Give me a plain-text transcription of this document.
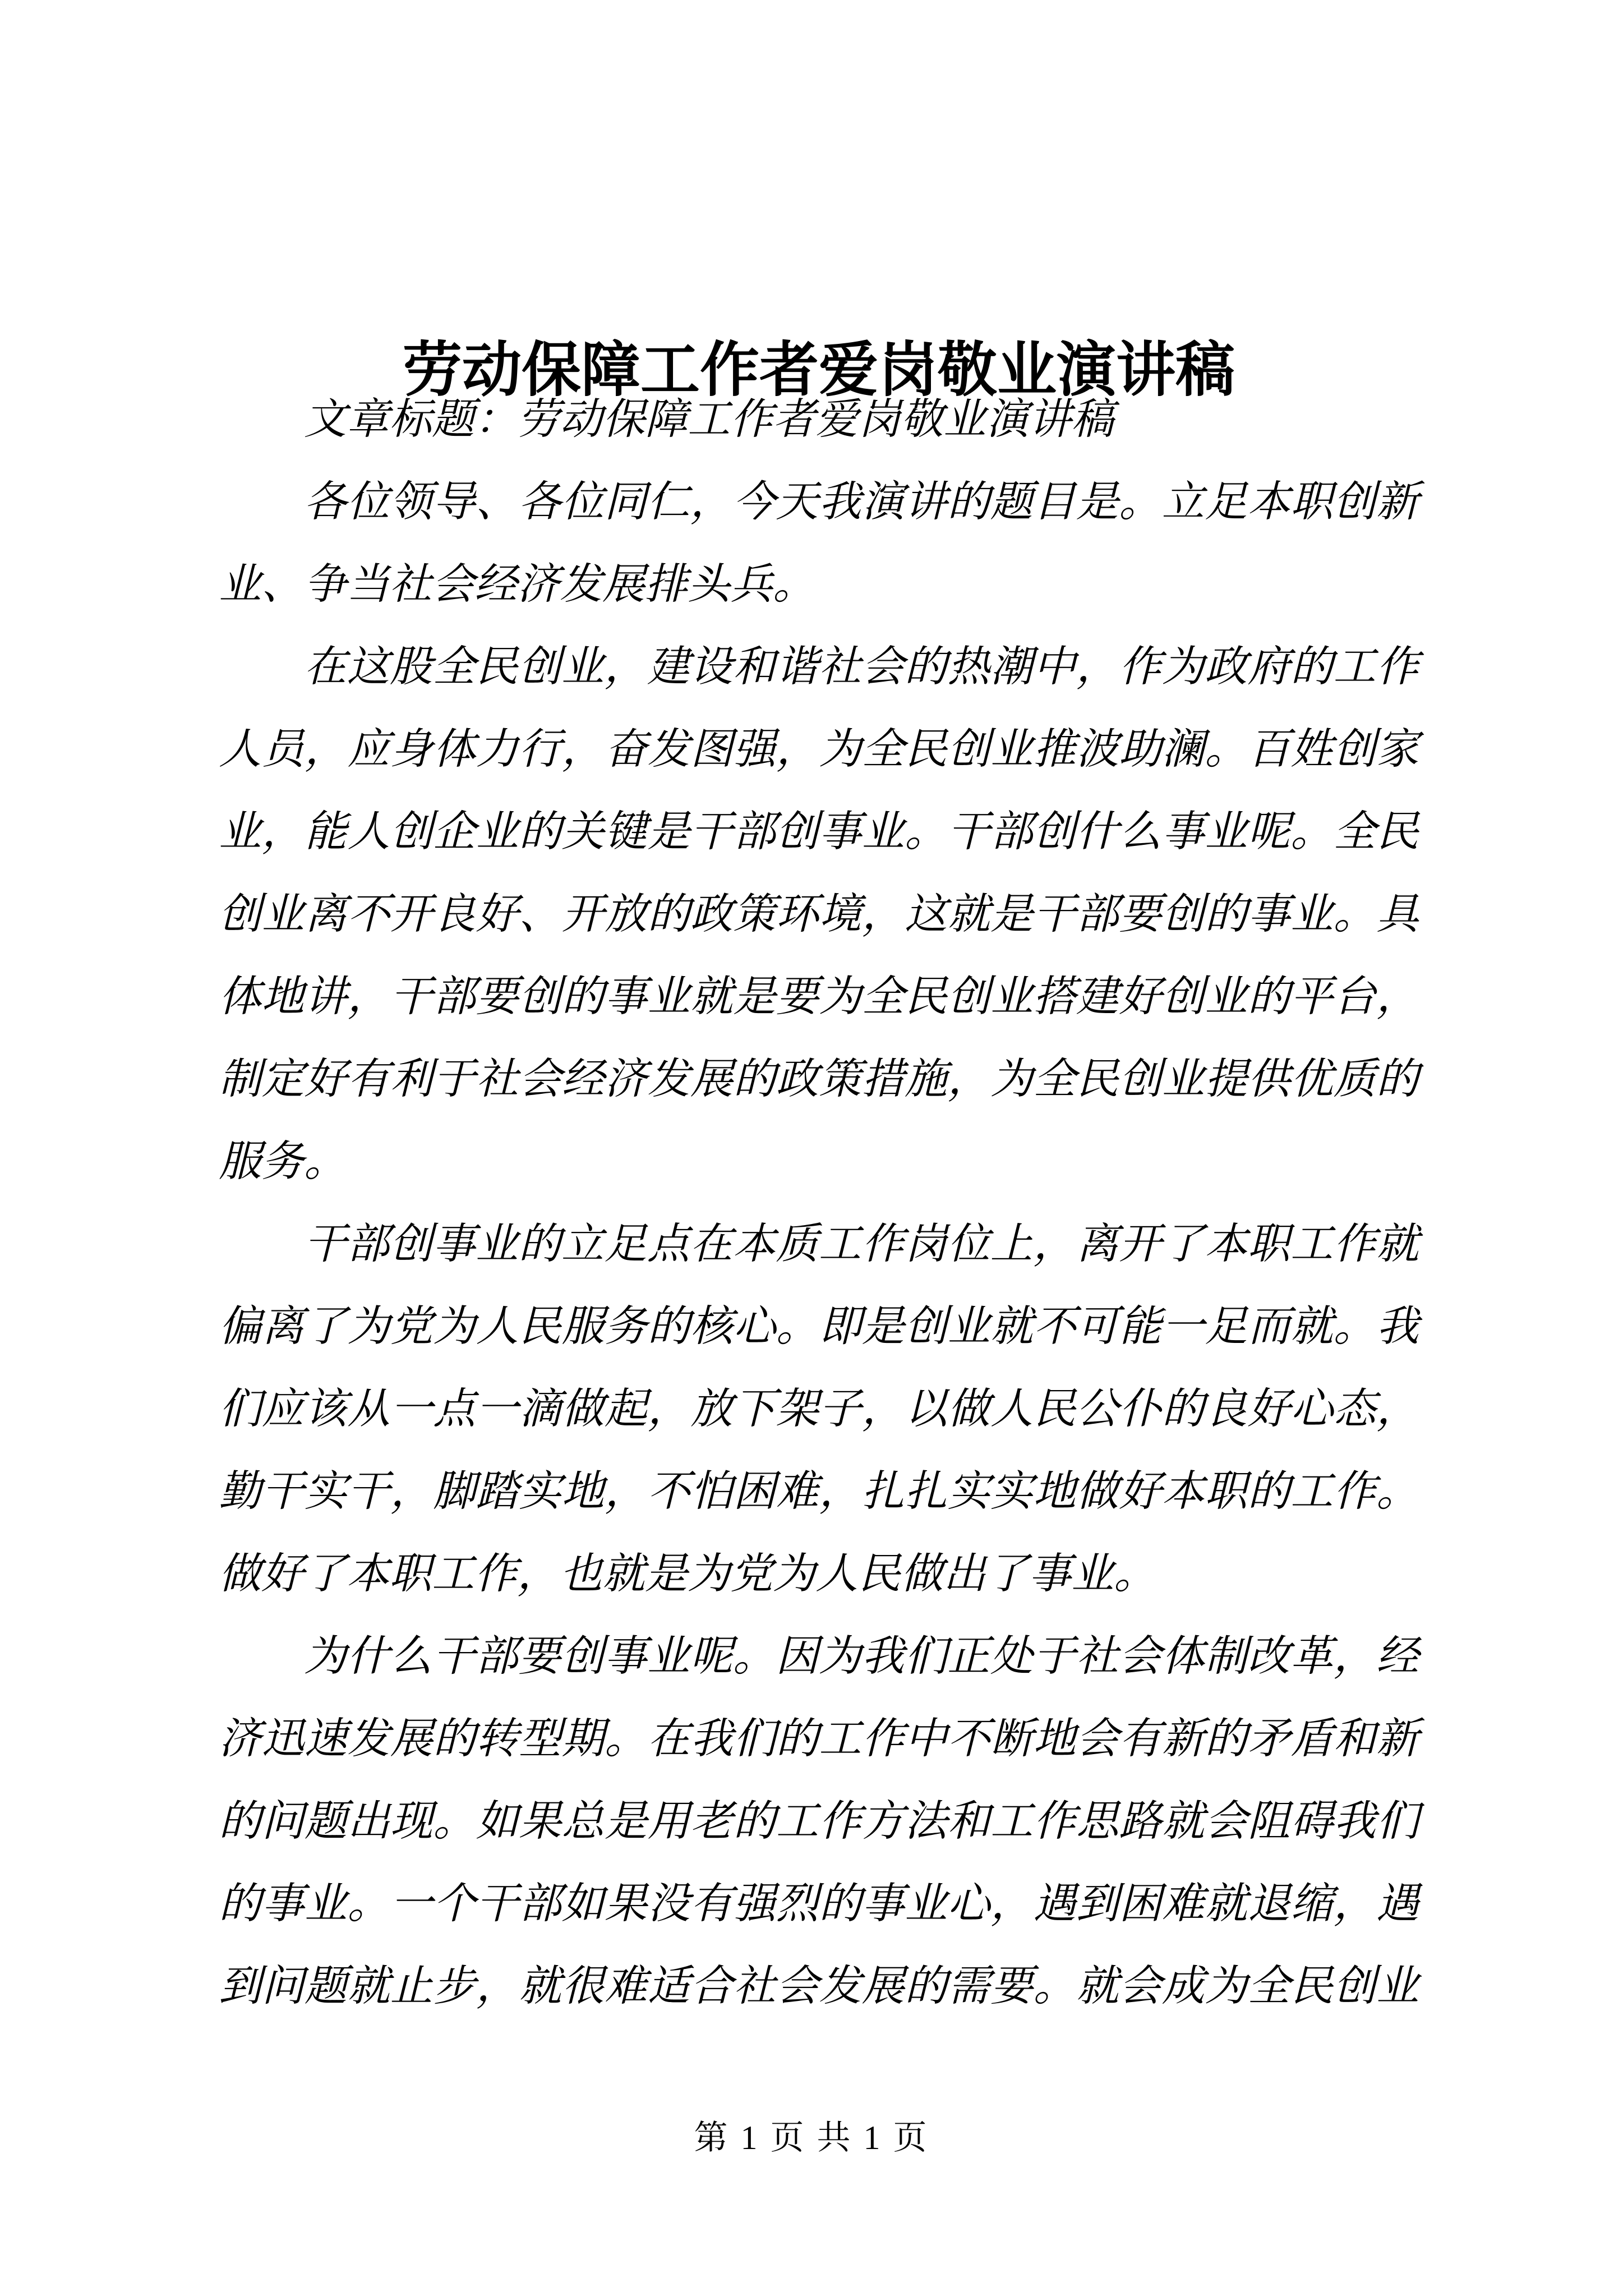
劳动保障工作者爱岗敬业演讲稿
文章标题：劳动保障工作者爱岗敬业演讲稿
各位领导、各位同仁，今天我演讲的题目是。立足本职创新
业、争当社会经济发展排头兵。
在这股全民创业，建设和谐社会的热潮中，作为政府的工作
人员，应身体力行，奋发图强，为全民创业推波助澜。百姓创家
业，能人创企业的关键是干部创事业。干部创什么事业呢。全民
创业离不开良好、开放的政策环境，这就是干部要创的事业。具
体地讲，干部要创的事业就是要为全民创业搭建好创业的平台，
制定好有利于社会经济发展的政策措施，为全民创业提供优质的
服务。
干部创事业的立足点在本质工作岗位上，离开了本职工作就
偏离了为党为人民服务的核心。即是创业就不可能一足而就。我
们应该从一点一滴做起，放下架子，以做人民公仆的良好心态，
勤干实干，脚踏实地，不怕困难，扎扎实实地做好本职的工作。
做好了本职工作，也就是为党为人民做出了事业。
为什么干部要创事业呢。因为我们正处于社会体制改革，经
济迅速发展的转型期。在我们的工作中不断地会有新的矛盾和新
的问题出现。如果总是用老的工作方法和工作思路就会阻碍我们
的事业。一个干部如果没有强烈的事业心，遇到困难就退缩，遇
到问题就止步，就很难适合社会发展的需要。就会成为全民创业
第 1 页 共 1 页
